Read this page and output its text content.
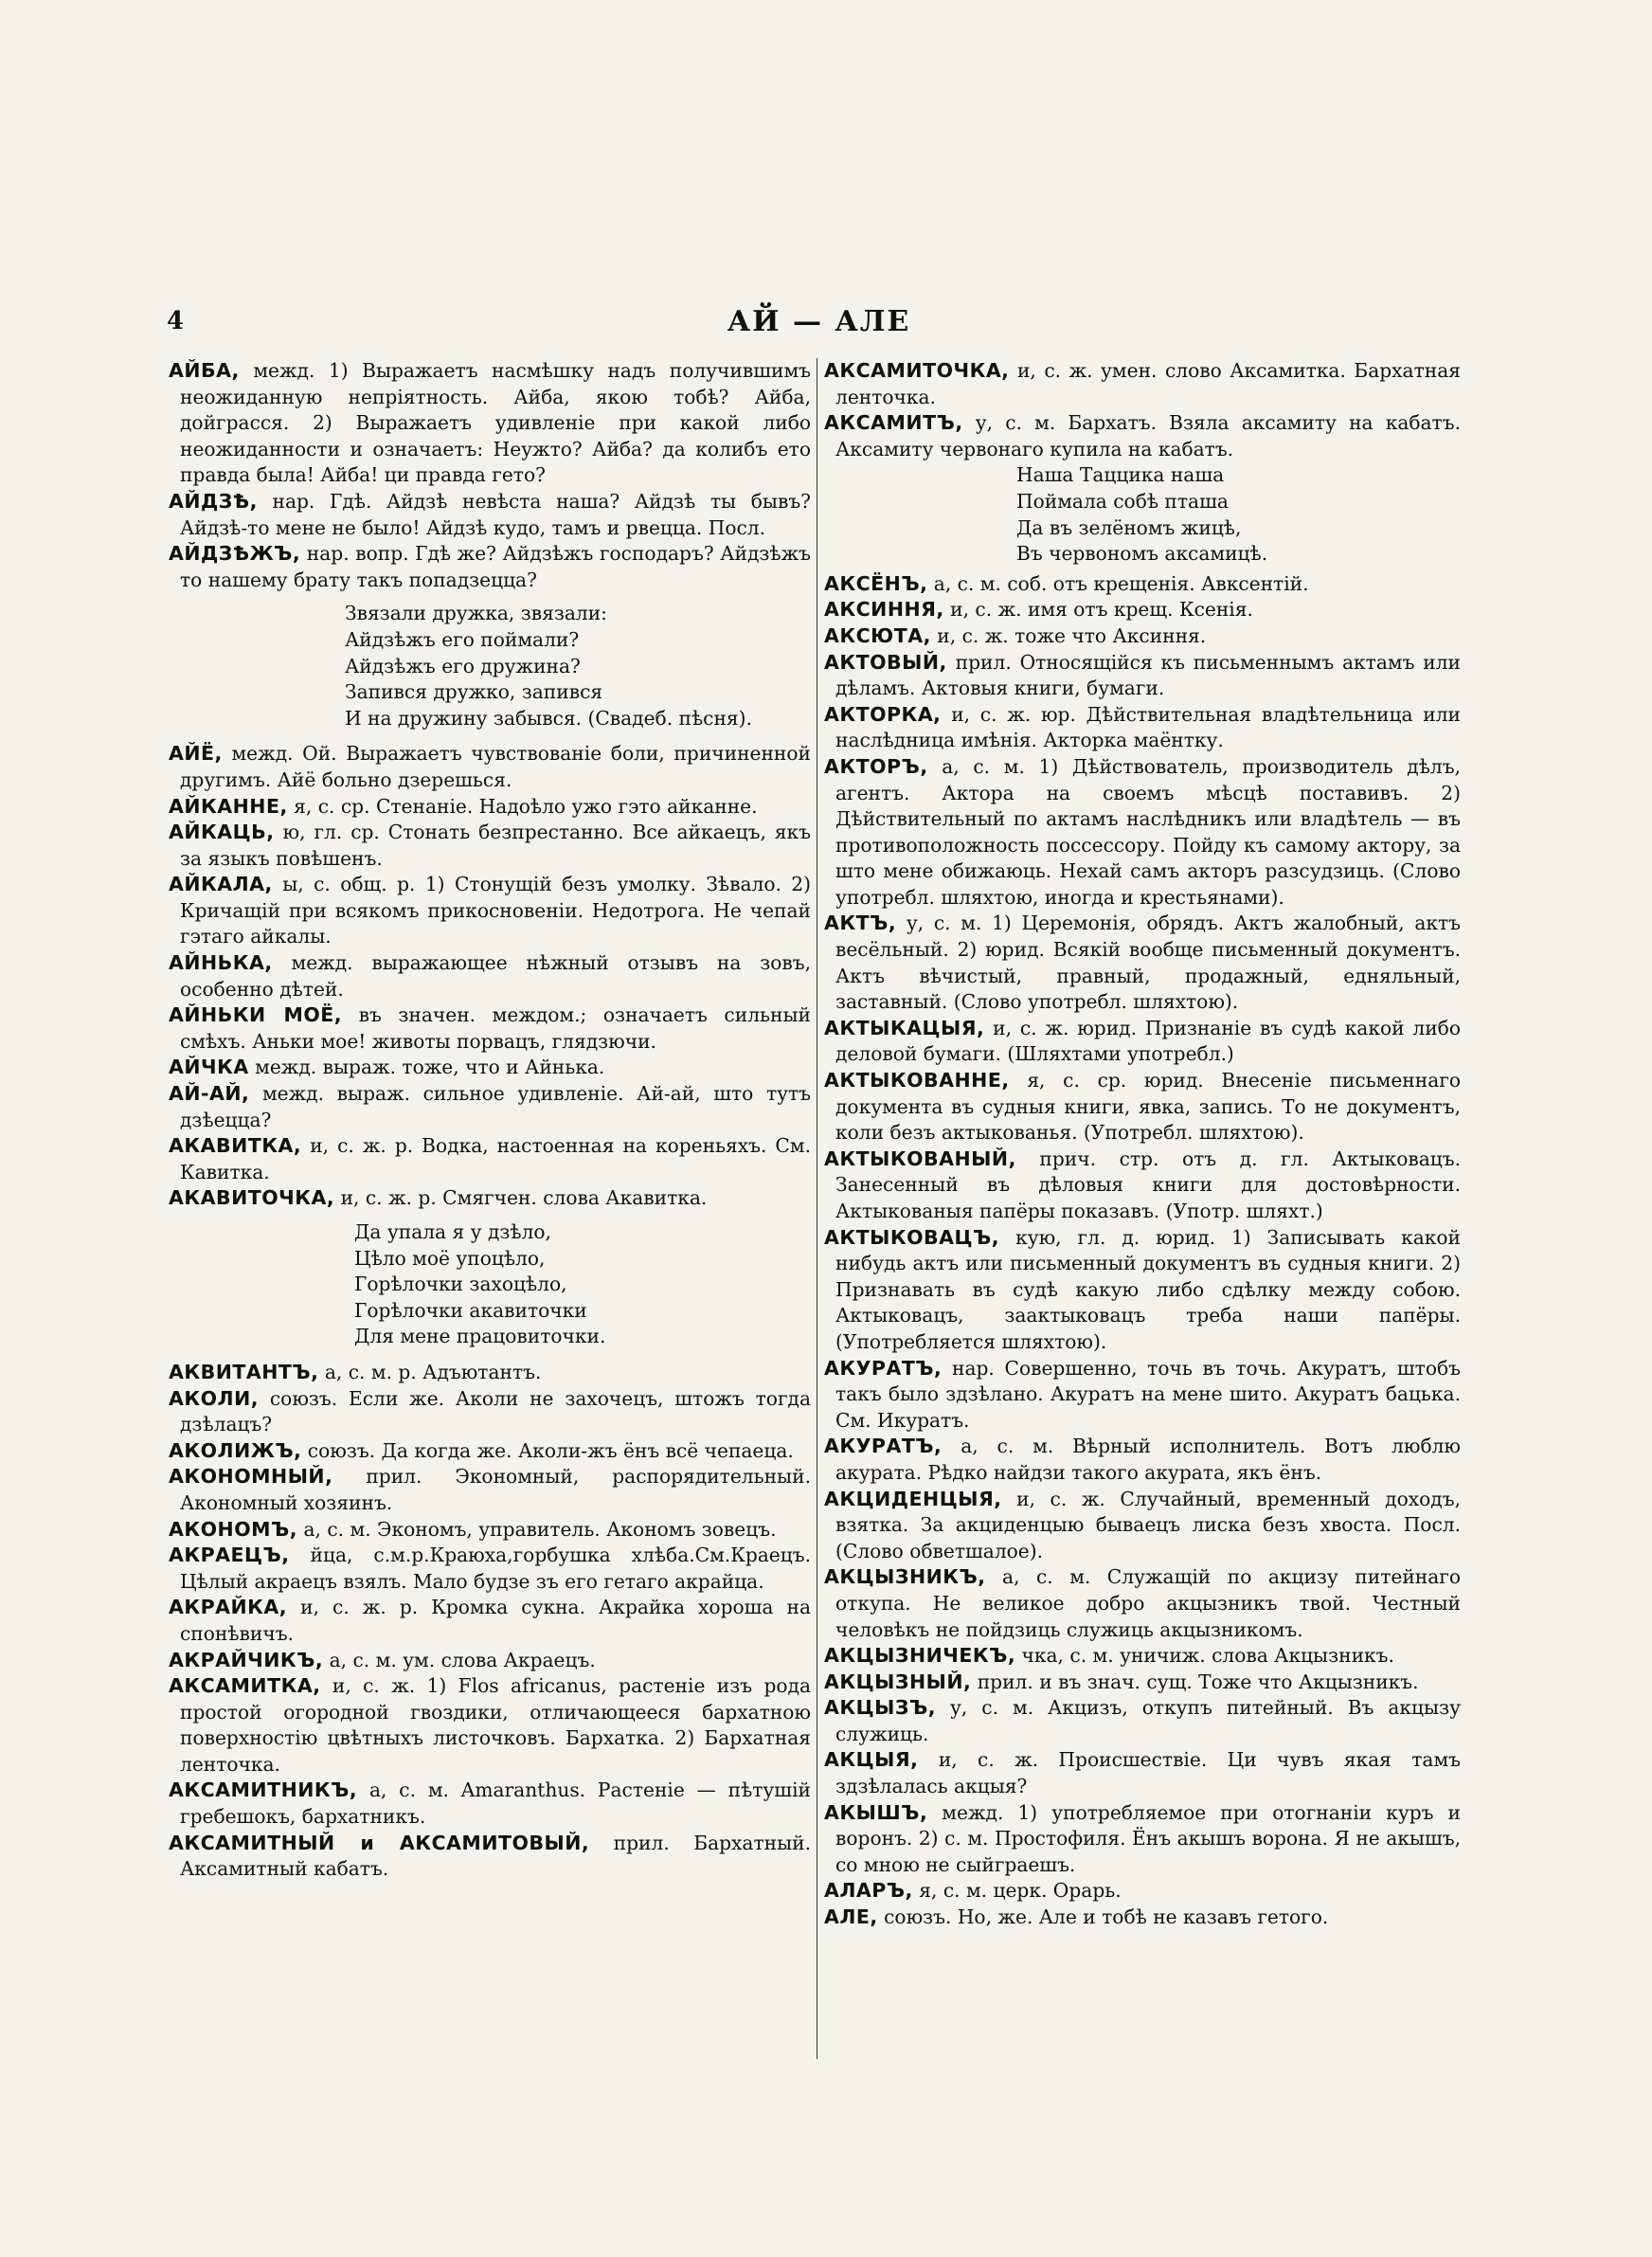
4	АЙ — АЛЕ

АЙБА, межд. 1) Выражаетъ насмѣшку надъ получившимъ неожиданную непріятность. Айба, якою тобѣ? Айба, дойграсся. 2) Выражаетъ удивленіе при какой либо неожиданности и означаетъ: Неужто? Айба? да колибъ ето правда была! Айба! ци правда гето?

АЙДЗѢ, нар. Гдѣ. Айдзѣ невѣста наша? Айдзѣ ты бывъ? Айдзѣ-то мене не было! Айдзѣ кудо, тамъ и рвецца. Посл.

АЙДЗѢЖЪ, нар. вопр. Гдѣ же? Айдзѣжъ господаръ? Айдзѣжъ то нашему брату такъ попадзецца?

Звязали дружка, звязали:
Айдзѣжъ его поймали?
Айдзѣжъ его дружина?
Запився дружко, запився
И на дружину забывся. (Свадеб. пѣсня).

АЙЁ, межд. Ой. Выражаетъ чувствованіе боли, причиненной другимъ. Айё больно дзерешься.

АЙКАННЕ, я, с. ср. Стенаніе. Надоѣло ужо гэто айканне.

АЙКАЦЬ, ю, гл. ср. Стонать безпрестанно. Все айкаецъ, якъ за языкъ повѣшенъ.

АЙКАЛА, ы, с. общ. р. 1) Стонущій безъ умолку. Зѣвало. 2) Кричащій при всякомъ прикосновеніи. Недотрога. Не чепай гэтаго айкалы.

АЙНЬКА, межд. выражающее нѣжный отзывъ на зовъ, особенно дѣтей.

АЙНЬКИ МОЁ, въ значен. междом.; означаетъ сильный смѣхъ. Аньки мое! животы порвацъ, глядзючи.

АЙЧКА межд. выраж. тоже, что и Айнька.

АЙ-АЙ, межд. выраж. сильное удивленіе. Ай-ай, што тутъ дзѣецца?

АКАВИТКА, и, с. ж. р. Водка, настоенная на кореньяхъ. См. Кавитка.

АКАВИТОЧКА, и, с. ж. р. Смягчен. слова Акавитка.

Да упала я у дзѣло,
Цѣло моё упоцѣло,
Горѣлочки захоцѣло,
Горѣлочки акавиточки
Для мене працовиточки.

АКВИТАНТЪ, а, с. м. р. Адъютантъ.

АКОЛИ, союзъ. Если же. Аколи не захочецъ, штожъ тогда дзѣлацъ?

АКОЛИЖЪ, союзъ. Да когда же. Аколи-жъ ёнъ всё чепаеца.

АКОНОМНЫЙ, прил. Экономный, распорядительный. Акономный хозяинъ.

АКОНОМЪ, а, с. м. Экономъ, управитель. Акономъ зовецъ.

АКРАЕЦЪ, йца, с.м.р.Краюха,горбушка хлѣба.См.Краецъ. Цѣлый акраецъ взялъ. Мало будзе зъ его гетаго акрайца.

АКРАЙКА, и, с. ж. р. Кромка сукна. Акрайка хороша на спонѣвичъ.

АКРАЙЧИКЪ, а, с. м. ум. слова Акраецъ.

АКСАМИТКА, и, с. ж. 1) Flos africanus, растеніе изъ рода простой огородной гвоздики, отличающееся бархатною поверхностію цвѣтныхъ листочковъ. Бархатка. 2) Бархатная ленточка.

АКСАМИТНИКЪ, а, с. м. Amaranthus. Растеніе — пѣтушій гребешокъ, бархатникъ.

АКСАМИТНЫЙ и АКСАМИТОВЫЙ, прил. Бархатный. Аксамитный кабатъ.

АКСАМИТОЧКА, и, с. ж. умен. слово Аксамитка. Бархатная ленточка.

АКСАМИТЪ, у, с. м. Бархатъ. Взяла аксамиту на кабатъ. Аксамиту червонаго купила на кабатъ.

Наша Таццика наша
Поймала собѣ пташа
Да въ зелёномъ жицѣ,
Въ червономъ аксамицѣ.

АКСЁНЪ, а, с. м. соб. отъ крещенія. Авксентій.

АКСИННЯ, и, с. ж. имя отъ крещ. Ксенія.

АКСЮТА, и, с. ж. тоже что Аксиння.

АКТОВЫЙ, прил. Относящійся къ письменнымъ актамъ или дѣламъ. Актовыя книги, бумаги.

АКТОРКА, и, с. ж. юр. Дѣйствительная владѣтельница или наслѣдница имѣнія. Акторка маёнтку.

АКТОРЪ, а, с. м. 1) Дѣйствователь, производитель дѣлъ, агентъ. Актора на своемъ мѣсцѣ поставивъ. 2) Дѣйствительный по актамъ наслѣдникъ или владѣтель — въ противоположность поссессору. Пойду къ самому актору, за што мене обижаюць. Нехай самъ акторъ разсудзиць. (Слово употребл. шляхтою, иногда и крестьянами).

АКТЪ, у, с. м. 1) Церемонія, обрядъ. Актъ жалобный, актъ весёльный. 2) юрид. Всякій вообще письменный документъ. Актъ вѣчистый, правный, продажный, едняльный, заставный. (Слово употребл. шляхтою).

АКТЫКАЦЫЯ, и, с. ж. юрид. Признаніе въ судѣ какой либо деловой бумаги. (Шляхтами употребл.)

АКТЫКОВАННЕ, я, с. ср. юрид. Внесеніе письменнаго документа въ судныя книги, явка, запись. То не документъ, коли безъ актыкованья. (Употребл. шляхтою).

АКТЫКОВАНЫЙ, прич. стр. отъ д. гл. Актыковацъ. Занесенный въ дѣловыя книги для достовѣрности. Актыкованыя папёры показавъ. (Употр. шляхт.)

АКТЫКОВАЦЪ, кую, гл. д. юрид. 1) Записывать какой нибудь актъ или письменный документъ въ судныя книги. 2) Признавать въ судѣ какую либо сдѣлку между собою. Актыковацъ, заактыковацъ треба наши папёры. (Употребляется шляхтою).

АКУРАТЪ, нар. Совершенно, точь въ точь. Акуратъ, штобъ такъ было здзѣлано. Акуратъ на мене шито. Акуратъ бацька. См. Икуратъ.

АКУРАТЪ, а, с. м. Вѣрный исполнитель. Вотъ люблю акурата. Рѣдко найдзи такого акурата, якъ ёнъ.

АКЦИДЕНЦЫЯ, и, с. ж. Случайный, временный доходъ, взятка. За акциденцыю бываецъ лиска безъ хвоста. Посл. (Слово обветшалое).

АКЦЫЗНИКЪ, а, с. м. Служащій по акцизу питейнаго откупа. Не великое добро акцызникъ твой. Честный человѣкъ не пойдзиць служиць акцызникомъ.

АКЦЫЗНИЧЕКЪ, чка, с. м. уничиж. слова Акцызникъ.

АКЦЫЗНЫЙ, прил. и въ знач. сущ. Тоже что Акцызникъ.

АКЦЫЗЪ, у, с. м. Акцизъ, откупъ питейный. Въ акцызу служиць.

АКЦЫЯ, и, с. ж. Происшествіе. Ци чувъ якая тамъ здзѣлалась акцыя?

АКЫШЪ, межд. 1) употребляемое при отогнаніи куръ и воронъ. 2) с. м. Простофиля. Ёнъ акышъ ворона. Я не акышъ, со мною не сыйграешъ.

АЛАРЪ, я, с. м. церк. Орарь.

АЛЕ, союзъ. Но, же. Але и тобѣ не казавъ гетого.
